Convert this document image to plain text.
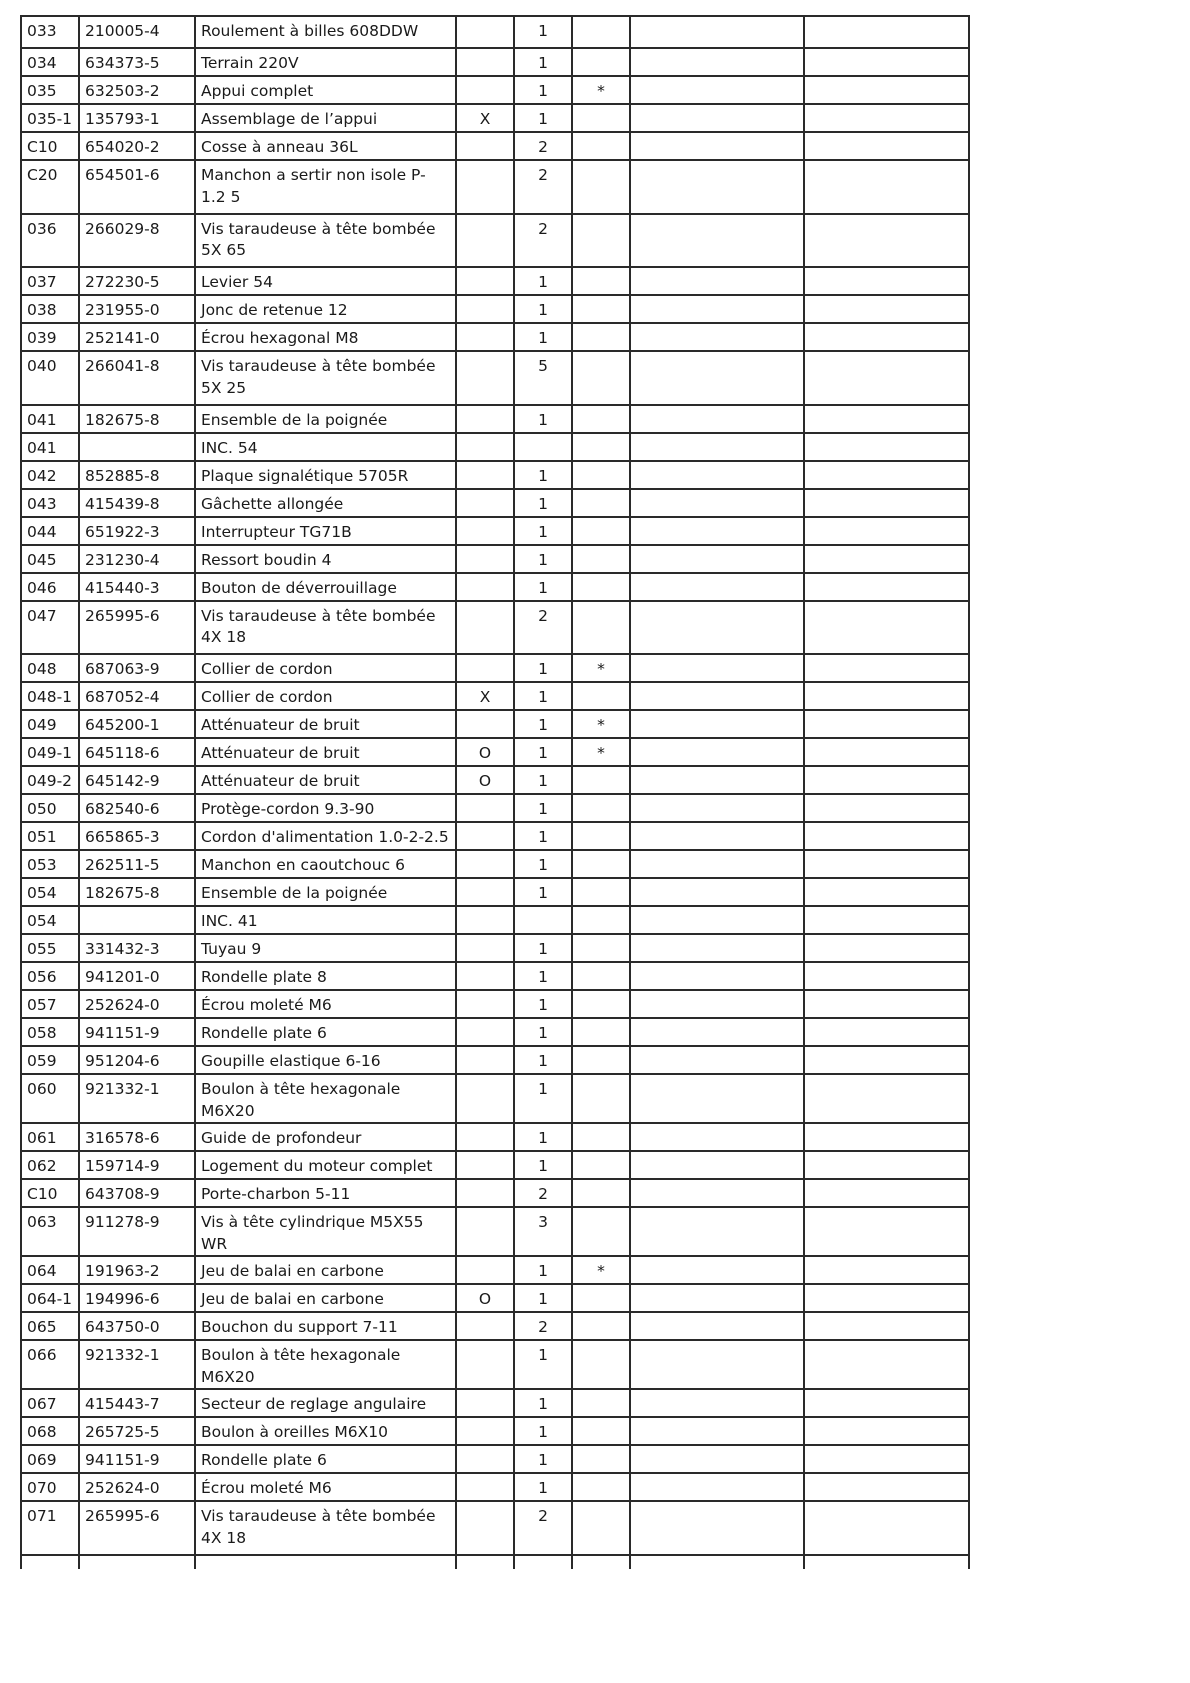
033	210005-4	Roulement à billes 608DDW		1			
034	634373-5	Terrain 220V		1			
035	632503-2	Appui complet		1	*		
035-1	135793-1	Assemblage de l’appui	X	1			
C10	654020-2	Cosse à anneau 36L		2			
C20	654501-6	Manchon a sertir non isole P-1.2 5		2			
036	266029-8	Vis taraudeuse à tête bombée 5X 65		2			
037	272230-5	Levier 54		1			
038	231955-0	Jonc de retenue 12		1			
039	252141-0	Écrou hexagonal M8		1			
040	266041-8	Vis taraudeuse à tête bombée 5X 25		5			
041	182675-8	Ensemble de la poignée		1			
041		INC. 54					
042	852885-8	Plaque signalétique 5705R		1			
043	415439-8	Gâchette allongée		1			
044	651922-3	Interrupteur TG71B		1			
045	231230-4	Ressort boudin 4		1			
046	415440-3	Bouton de déverrouillage		1			
047	265995-6	Vis taraudeuse à tête bombée 4X 18		2			
048	687063-9	Collier de cordon		1	*		
048-1	687052-4	Collier de cordon	X	1			
049	645200-1	Atténuateur de bruit		1	*		
049-1	645118-6	Atténuateur de bruit	O	1	*		
049-2	645142-9	Atténuateur de bruit	O	1			
050	682540-6	Protège-cordon 9.3-90		1			
051	665865-3	Cordon d'alimentation 1.0-2-2.5		1			
053	262511-5	Manchon en caoutchouc 6		1			
054	182675-8	Ensemble de la poignée		1			
054		INC. 41					
055	331432-3	Tuyau 9		1			
056	941201-0	Rondelle plate 8		1			
057	252624-0	Écrou moleté M6		1			
058	941151-9	Rondelle plate 6		1			
059	951204-6	Goupille elastique 6-16		1			
060	921332-1	Boulon à tête hexagonale M6X20		1			
061	316578-6	Guide de profondeur		1			
062	159714-9	Logement du moteur complet		1			
C10	643708-9	Porte-charbon 5-11		2			
063	911278-9	Vis à tête cylindrique M5X55 WR		3			
064	191963-2	Jeu de balai en carbone		1	*		
064-1	194996-6	Jeu de balai en carbone	O	1			
065	643750-0	Bouchon du support 7-11		2			
066	921332-1	Boulon à tête hexagonale M6X20		1			
067	415443-7	Secteur de reglage angulaire		1			
068	265725-5	Boulon à oreilles M6X10		1			
069	941151-9	Rondelle plate 6		1			
070	252624-0	Écrou moleté M6		1			
071	265995-6	Vis taraudeuse à tête bombée 4X 18		2			
